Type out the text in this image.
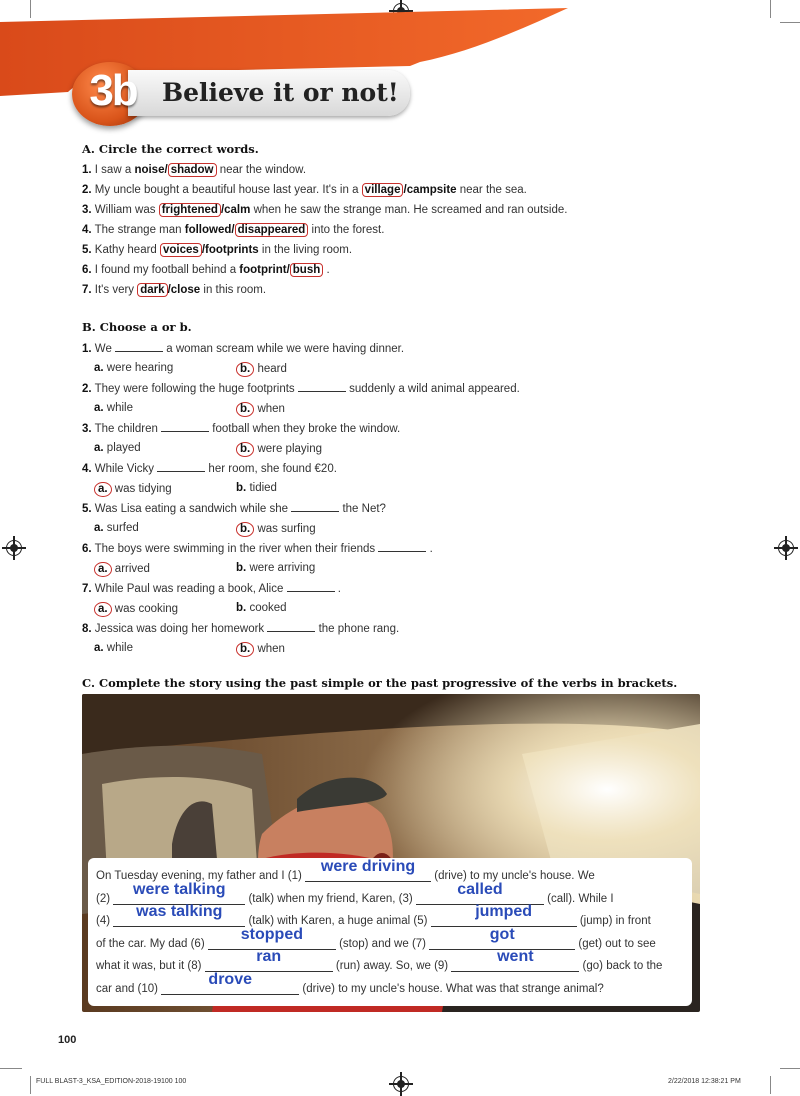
3b	Believe it or not!
A. Circle the correct words.
1. I saw a noise/ shadow near the window.
2. My uncle bought a beautiful house last year. It's in a village /campsite near the sea.
3. William was frightened /calm when he saw the strange man. He screamed and ran outside.
4. The strange man followed/ disappeared into the forest.
5. Kathy heard voices /footprints in the living room.
6. I found my football behind a footprint/ bush .
7. It's very dark /close in this room.
B. Choose a or b.
1. We	a woman scream while we were having dinner.
a. were hearing	b. heard
2. They were following the huge footprints	suddenly a wild animal appeared.
a. while	b. when
3. The children	football when they broke the window.
a. played	b. were playing
4. While Vicky	her room, she found €20.
a. was tidying	b. tidied
5. Was Lisa eating a sandwich while she	the Net?
a. surfed	b. was surfing
6. The boys were swimming in the river when their friends	.
a. arrived	b. were arriving
7. While Paul was reading a book, Alice	.
a. was cooking	b. cooked
8. Jessica was doing her homework	the phone rang.
a. while	b. when
C. Complete the story using the past simple or the past progressive of the verbs in brackets.
On Tuesday evening, my father and I (1)
were driving
(drive) to my uncle's house. We
(2)
were talking
(talk) when my friend, Karen, (3)
called
(call). While I
(4)
was talking
(talk) with Karen, a huge animal (5)
jumped
(jump) in front
of the car. My dad (6)
stopped
(stop) and we (7)
got
(get) out to see
what it was, but it (8)
ran
(run) away. So, we (9)
went
(go) back to the
car and (10)
drove
(drive) to my uncle's house. What was that strange animal?
100
FULL BLAST-3_KSA_EDITION-2018-19100 100	2/22/2018 12:38:21 PM
